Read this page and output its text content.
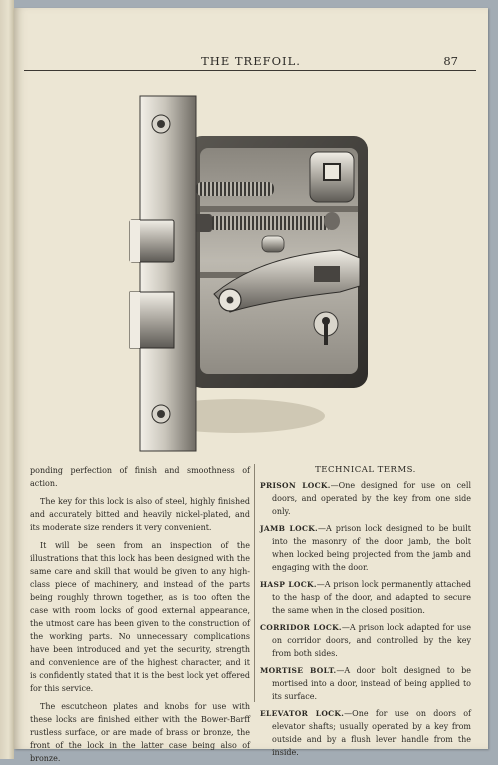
THE TREFOIL.	87

ponding perfection of finish and smoothness of action.

The key for this lock is also of steel, highly finished and accurately bitted and heavily nickel-plated, and its moderate size renders it very convenient.

It will be seen from an inspection of the illustrations that this lock has been designed with the same care and skill that would be given to any high-class piece of machinery, and instead of the parts being roughly thrown together, as is too often the case with room locks of good external appearance, the utmost care has been given to the construction of the working parts. No unnecessary complications have been introduced and yet the security, strength and convenience are of the highest character, and it is confidently stated that it is the best lock yet offered for this service.

The escutcheon plates and knobs for use with these locks are finished either with the Bower-Barff rustless surface, or are made of brass or bronze, the front of the lock in the latter case being also of bronze.

TECHNICAL TERMS.
PRISON LOCK.—One designed for use on cell doors, and operated by the key from one side only.
JAMB LOCK.—A prison lock designed to be built into the masonry of the door jamb, the bolt when locked being projected from the jamb and engaging with the door.
HASP LOCK.—A prison lock permanently attached to the hasp of the door, and adapted to secure the same when in the closed position.
CORRIDOR LOCK.—A prison lock adapted for use on corridor doors, and controlled by the key from both sides.
MORTISE BOLT.—A door bolt designed to be mortised into a door, instead of being applied to its surface.
ELEVATOR LOCK.—One for use on doors of elevator shafts; usually operated by a key from outside and by a flush lever handle from the inside.
